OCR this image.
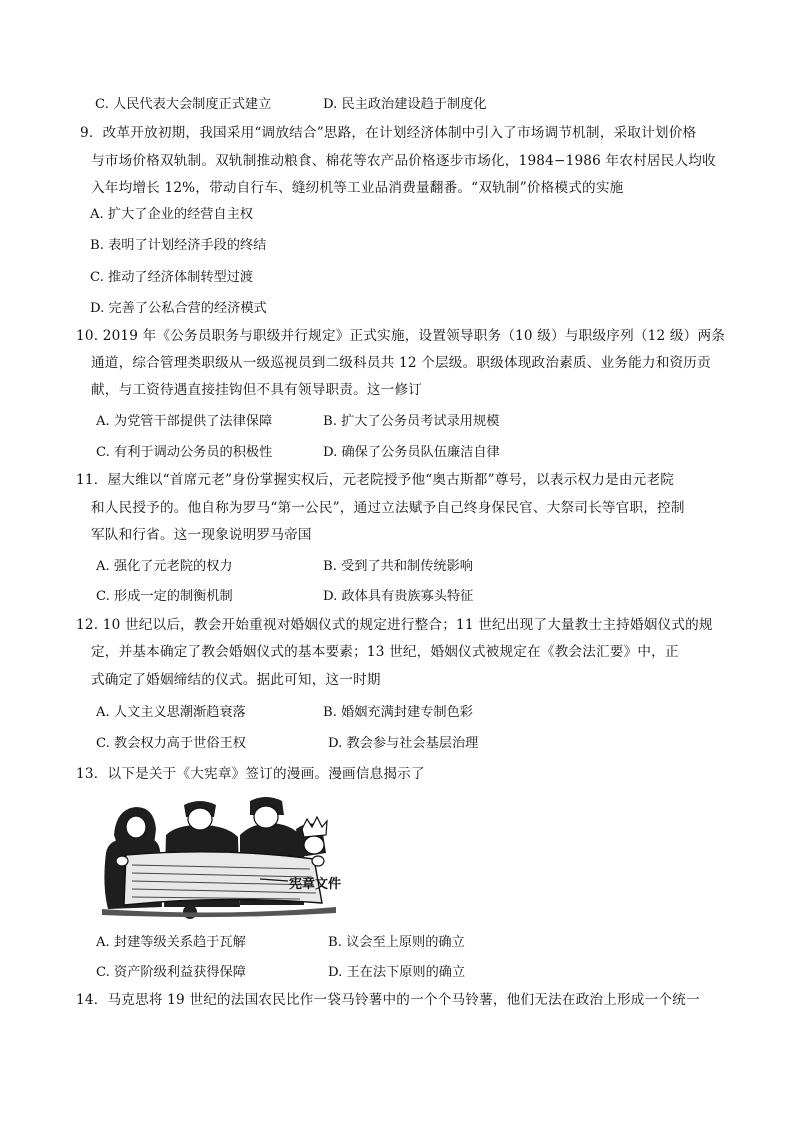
C. 人民代表大会制度正式建立	D. 民主政治建设趋于制度化
9．改革开放初期，我国采用“调放结合”思路，在计划经济体制中引入了市场调节机制，采取计划价格
与市场价格双轨制。双轨制推动粮食、棉花等农产品价格逐步市场化，1984−1986 年农村居民人均收
入年均增长 12%，带动自行车、缝纫机等工业品消费量翻番。“双轨制”价格模式的实施
A. 扩大了企业的经营自主权
B. 表明了计划经济手段的终结
C. 推动了经济体制转型过渡
D. 完善了公私合营的经济模式
10. 2019 年《公务员职务与职级并行规定》正式实施，设置领导职务（10 级）与职级序列（12 级）两条
通道，综合管理类职级从一级巡视员到二级科员共 12 个层级。职级体现政治素质、业务能力和资历贡
献，与工资待遇直接挂钩但不具有领导职责。这一修订
A. 为党管干部提供了法律保障	B. 扩大了公务员考试录用规模
C. 有利于调动公务员的积极性	D. 确保了公务员队伍廉洁自律
11．屋大维以“首席元老”身份掌握实权后，元老院授予他“奥古斯都”尊号，以表示权力是由元老院
和人民授予的。他自称为罗马“第一公民”，通过立法赋予自己终身保民官、大祭司长等官职，控制
军队和行省。这一现象说明罗马帝国
A. 强化了元老院的权力	B. 受到了共和制传统影响
C. 形成一定的制衡机制	D. 政体具有贵族寡头特征
12. 10 世纪以后，教会开始重视对婚姻仪式的规定进行整合；11 世纪出现了大量教士主持婚姻仪式的规
定，并基本确定了教会婚姻仪式的基本要素；13 世纪，婚姻仪式被规定在《教会法汇要》中，正
式确定了婚姻缔结的仪式。据此可知，这一时期
A. 人文主义思潮渐趋衰落	B. 婚姻充满封建专制色彩
C. 教会权力高于世俗王权	D. 教会参与社会基层治理
13．以下是关于《大宪章》签订的漫画。漫画信息揭示了
宪章文件
A. 封建等级关系趋于瓦解	B. 议会至上原则的确立
C. 资产阶级利益获得保障	D. 王在法下原则的确立
14．马克思将 19 世纪的法国农民比作一袋马铃薯中的一个个马铃薯，他们无法在政治上形成一个统一
